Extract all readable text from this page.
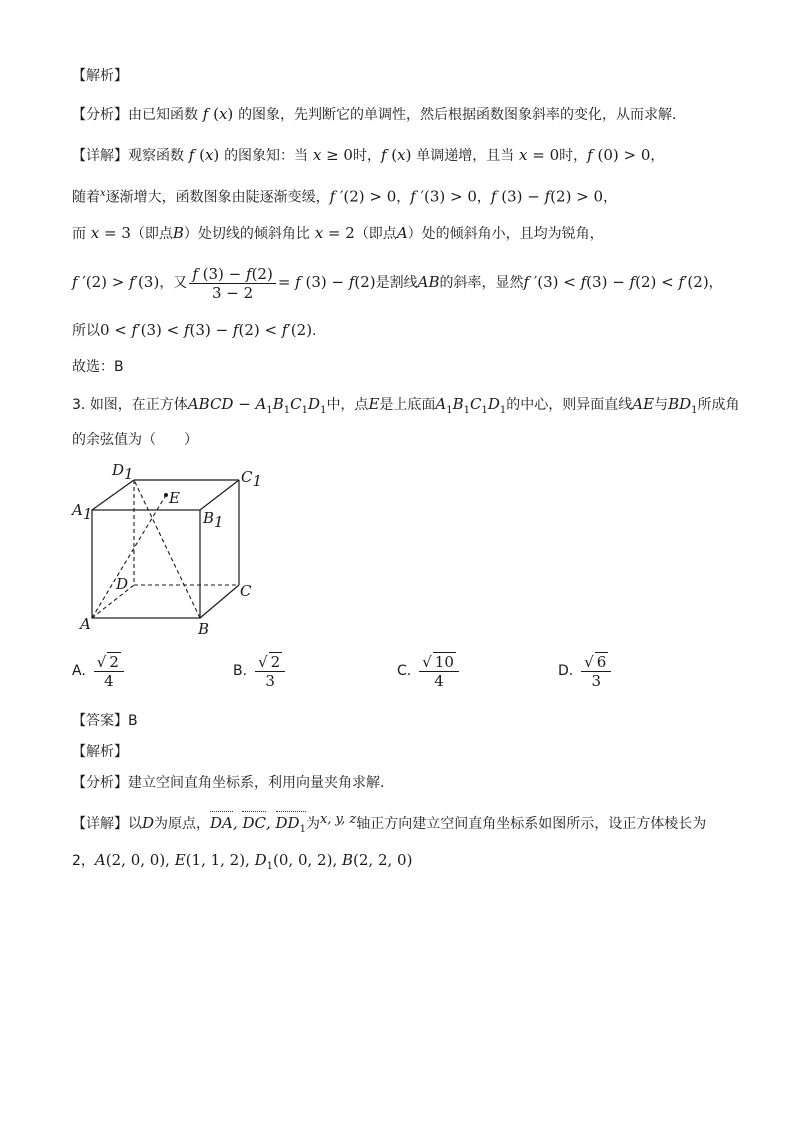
【解析】
【分析】由已知函数 f (x) 的图象，先判断它的单调性，然后根据函数图象斜率的变化，从而求解．
【详解】观察函数 f (x) 的图象知：当 x ≥ 0时，f (x) 单调递增，且当 x = 0时，f (0) > 0，
随着$^x$逐渐增大，函数图象由陡逐渐变缓，f ′(2) > 0，f ′(3) > 0，f (3) − f(2) > 0，
而 x = 3（即点B）处切线的倾斜角比 x = 2（即点A）处的倾斜角小，且均为锐角，
f ′(2) > f′(3)，又 $\frac{f (3) - f(2)}{3 - 2} = f$ (3) − f(2)是割线AB的斜率，显然f ′(3) < f(3) − f(2) < f′(2)，
所以0 < f′(3) < f(3) − f(2) < f′(2).
故选：B
3. 如图，在正方体ABCD − $A_1B_1C_1D_1$中，点E是上底面$A_1B_1C_1D_1$的中心，则异面直线AE与$BD_1$所成角
的余弦值为（　　）
D1	C1
A1	B1
E
D	C
A	B
A. $\frac{√ 2}{4}$	B. $\frac{√ 2}{3}$	C. $\frac{√ 10}{4}$	D. $\frac{√ 6}{3}$
【答案】B
【解析】
【分析】建立空间直角坐标系，利用向量夹角求解.
【详解】以D为原点，DA, DC, $DD_1$为x, y, z轴正方向建立空间直角坐标系如图所示，设正方体棱长为
2，A(2, 0, 0), E(1, 1, 2), $D_1(0$, 0, 2), B(2, 2, 0)
